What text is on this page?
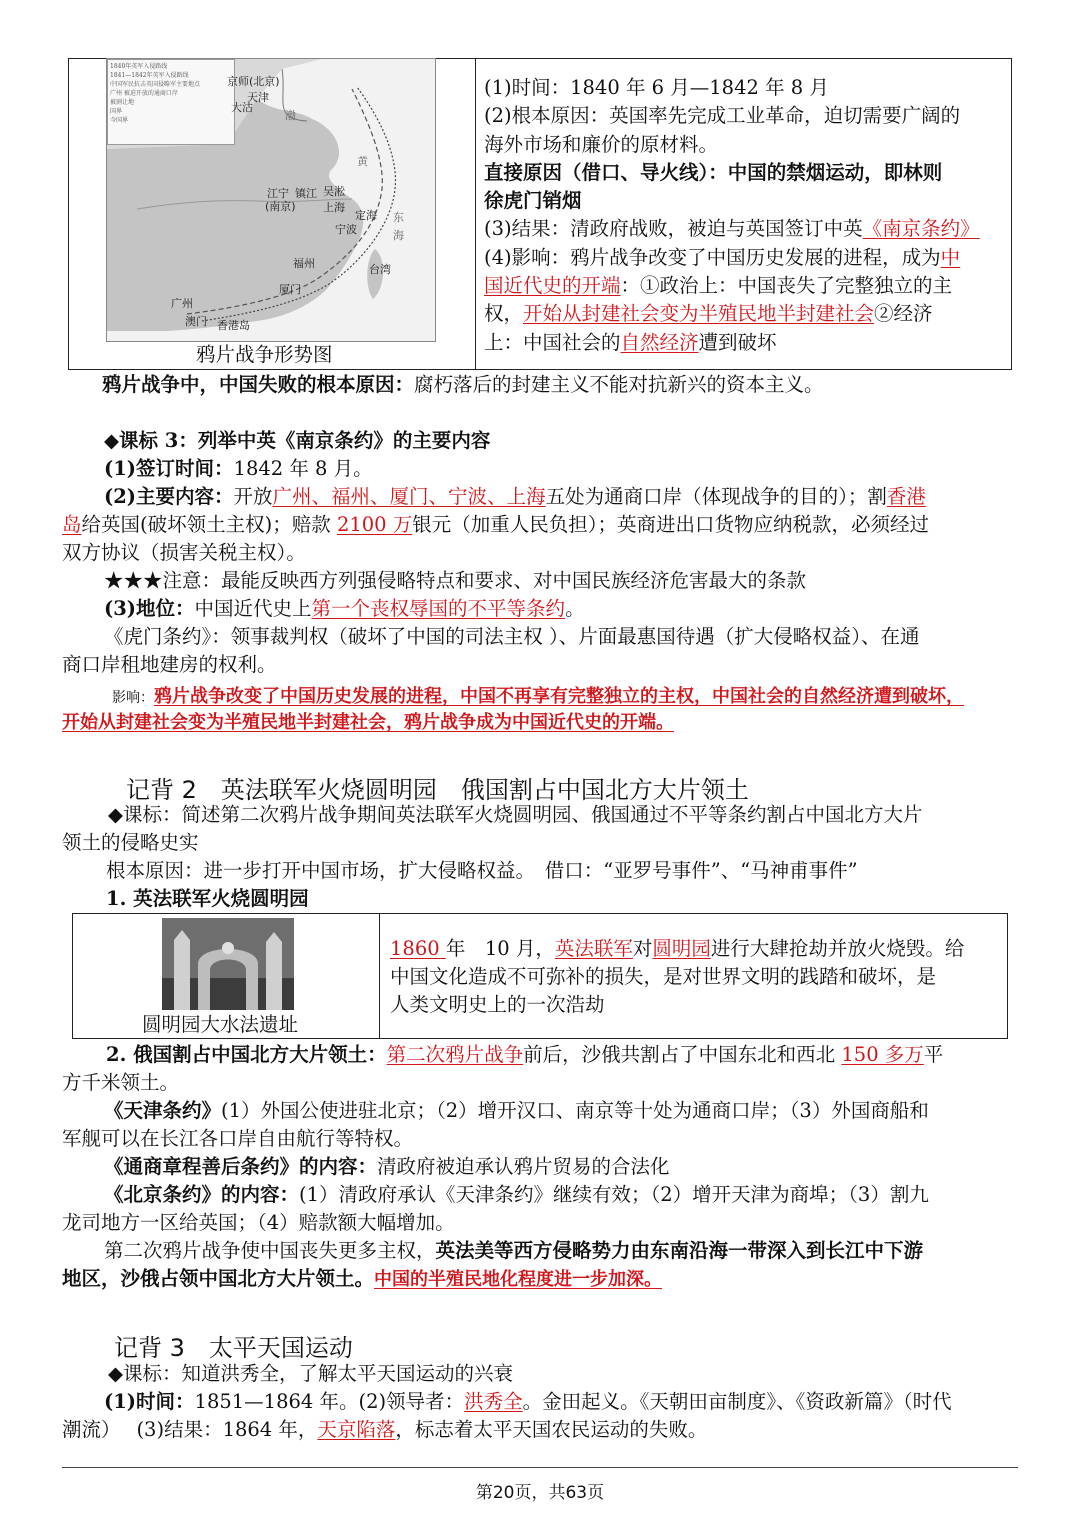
1840年英军入侵路线
1841—1842年英军入侵路线
中国军民抗击英国侵略军主要地点
广州 被迫开放的通商口岸
被割让地
国界
今国界
京师(北京)
天津
大沽
江宁
(南京)
镇江 吴淞
上海
宁波
定海
福州
厦门
广州
澳门 香港岛
渤
黄
东
海
台湾
鸦片战争形势图
(1)时间：1840 年 6 月—1842 年 8 月
(2)根本原因：英国率先完成工业革命，迫切需要广阔的
海外市场和廉价的原材料。
直接原因（借口、导火线）：中国的禁烟运动，即林则
徐虎门销烟
(3)结果：清政府战败，被迫与英国签订中英《南京条约》
(4)影响：鸦片战争改变了中国历史发展的进程，成为中
国近代史的开端：①政治上：中国丧失了完整独立的主
权，开始从封建社会变为半殖民地半封建社会②经济
上：中国社会的自然经济遭到破坏
鸦片战争中，中国失败的根本原因：腐朽落后的封建主义不能对抗新兴的资本主义。
◆课标 3：列举中英《南京条约》的主要内容
(1)签订时间：1842 年 8 月。
(2)主要内容：开放广州、福州、厦门、宁波、上海五处为通商口岸（体现战争的目的）；割香港
岛给英国(破坏领土主权)；赔款 2100 万银元（加重人民负担）；英商进出口货物应纳税款，必须经过
双方协议（损害关税主权）。
★★★注意：最能反映西方列强侵略特点和要求、对中国民族经济危害最大的条款
(3)地位：中国近代史上第一个丧权辱国的不平等条约。
《虎门条约》：领事裁判权（破坏了中国的司法主权 ）、片面最惠国待遇（扩大侵略权益）、在通
商口岸租地建房的权利。
影响：鸦片战争改变了中国历史发展的进程，中国不再享有完整独立的主权，中国社会的自然经济遭到破坏，
开始从封建社会变为半殖民地半封建社会，鸦片战争成为中国近代史的开端。
记背 2　英法联军火烧圆明园　俄国割占中国北方大片领土
◆课标：简述第二次鸦片战争期间英法联军火烧圆明园、俄国通过不平等条约割占中国北方大片
领土的侵略史实
根本原因：进一步打开中国市场，扩大侵略权益。　借口：“亚罗号事件”、“马神甫事件”
1. 英法联军火烧圆明园

圆明园大水法遗址
1860 年　10 月，英法联军对圆明园进行大肆抢劫并放火烧毁。给
中国文化造成不可弥补的损失，是对世界文明的践踏和破坏，是
人类文明史上的一次浩劫
2. 俄国割占中国北方大片领土：第二次鸦片战争前后，沙俄共割占了中国东北和西北 150 多万平
方千米领土。
《天津条约》(1）外国公使进驻北京；（2）增开汉口、南京等十处为通商口岸；（3）外国商船和
军舰可以在长江各口岸自由航行等特权。
《通商章程善后条约》的内容：清政府被迫承认鸦片贸易的合法化
《北京条约》的内容：(1）清政府承认《天津条约》继续有效；（2）增开天津为商埠；（3）割九
龙司地方一区给英国；（4）赔款额大幅增加。
第二次鸦片战争使中国丧失更多主权，英法美等西方侵略势力由东南沿海一带深入到长江中下游
地区，沙俄占领中国北方大片领土。中国的半殖民地化程度进一步加深。
记背 3　太平天国运动
◆课标：知道洪秀全，了解太平天国运动的兴衰
(1)时间：1851—1864 年。(2)领导者：洪秀全。金田起义。《天朝田亩制度》、《资政新篇》（时代
潮流）　 (3)结果：1864 年，天京陷落，标志着太平天国农民运动的失败。
第20页，共63页
